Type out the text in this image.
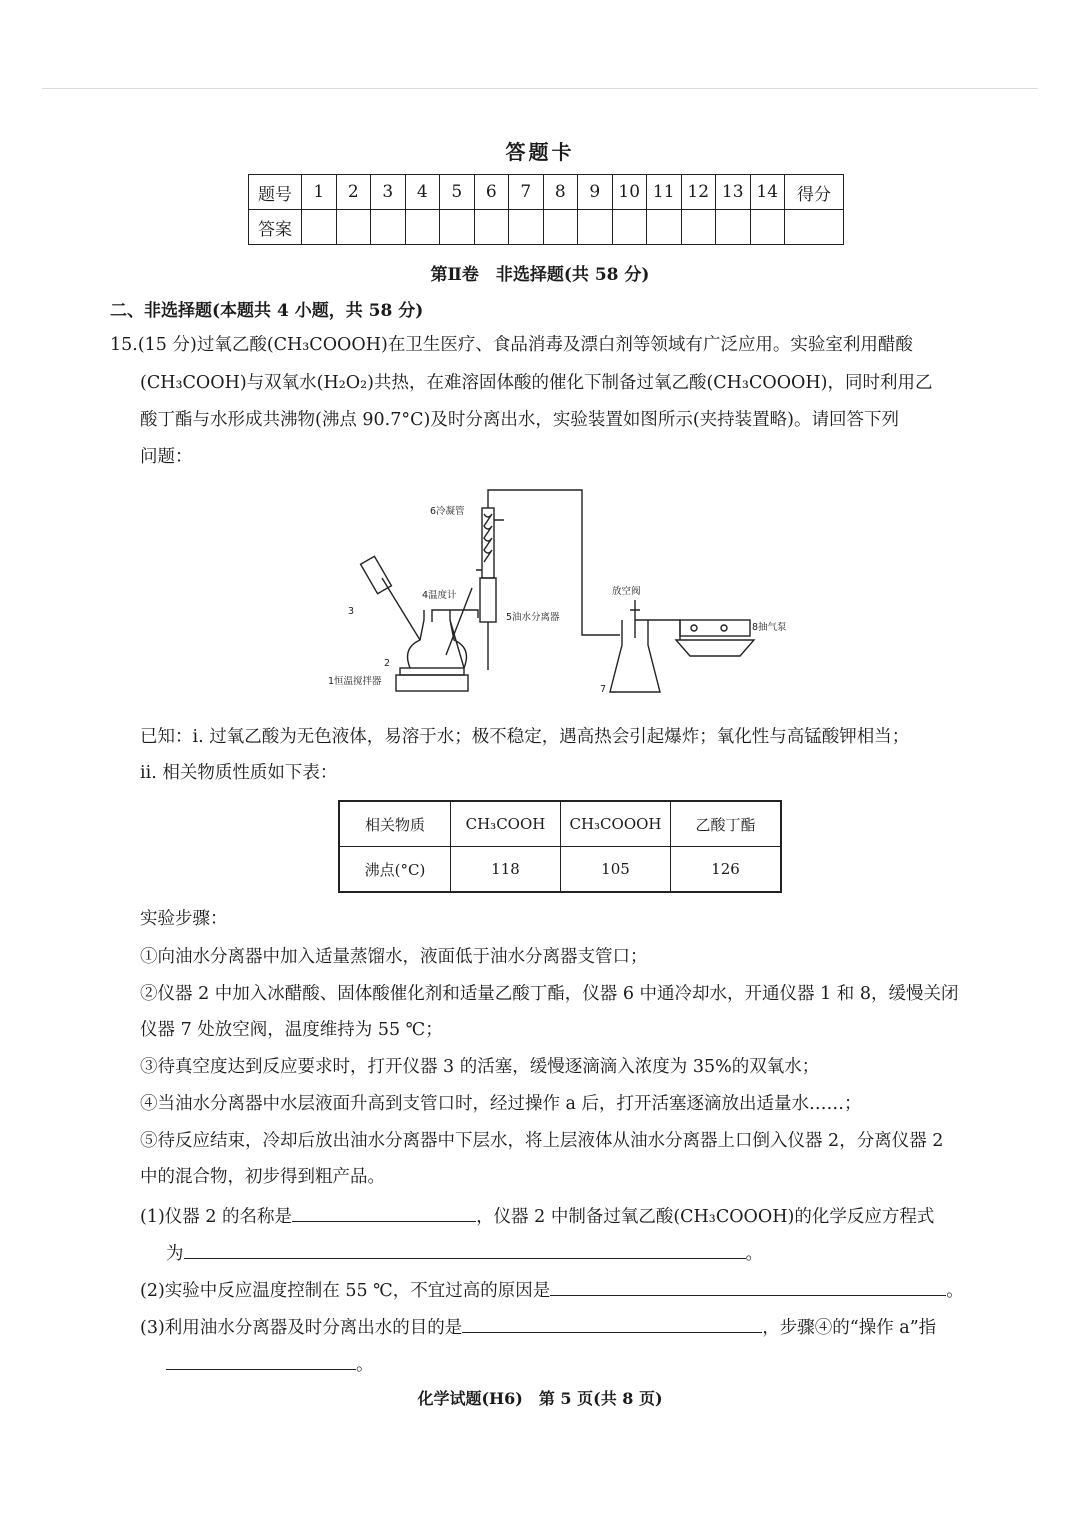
答题卡
题号	1	2	3	4	5	6	7	8	9	10	11	12	13	14	得分
答案															
第Ⅱ卷　非选择题(共 58 分)
二、非选择题(本题共 4 小题，共 58 分)
15.(15 分)过氧乙酸(CH₃COOOH)在卫生医疗、食品消毒及漂白剂等领域有广泛应用。实验室利用醋酸
(CH₃COOH)与双氧水(H₂O₂)共热，在难溶固体酸的催化下制备过氧乙酸(CH₃COOOH)，同时利用乙
酸丁酯与水形成共沸物(沸点 90.7°C)及时分离出水，实验装置如图所示(夹持装置略)。请回答下列
问题：
6冷凝管
4温度计
5油水分离器
3
2
1恒温搅拌器
放空阀
7
8抽气泵
已知：ⅰ. 过氧乙酸为无色液体，易溶于水；极不稳定，遇高热会引起爆炸；氧化性与高锰酸钾相当；
ⅱ. 相关物质性质如下表：
相关物质	CH₃COOH	CH₃COOOH	乙酸丁酯
沸点(°C)	118	105	126
实验步骤：
①向油水分离器中加入适量蒸馏水，液面低于油水分离器支管口；
②仪器 2 中加入冰醋酸、固体酸催化剂和适量乙酸丁酯，仪器 6 中通冷却水，开通仪器 1 和 8，缓慢关闭
仪器 7 处放空阀，温度维持为 55 ℃；
③待真空度达到反应要求时，打开仪器 3 的活塞，缓慢逐滴滴入浓度为 35%的双氧水；
④当油水分离器中水层液面升高到支管口时，经过操作 a 后，打开活塞逐滴放出适量水……；
⑤待反应结束，冷却后放出油水分离器中下层水，将上层液体从油水分离器上口倒入仪器 2，分离仪器 2
中的混合物，初步得到粗产品。
(1)仪器 2 的名称是	，仪器 2 中制备过氧乙酸(CH₃COOOH)的化学反应方程式
为	。
(2)实验中反应温度控制在 55 ℃，不宜过高的原因是	。
(3)利用油水分离器及时分离出水的目的是	，步骤④的“操作 a”指
。
化学试题(H6)　第 5 页(共 8 页)
